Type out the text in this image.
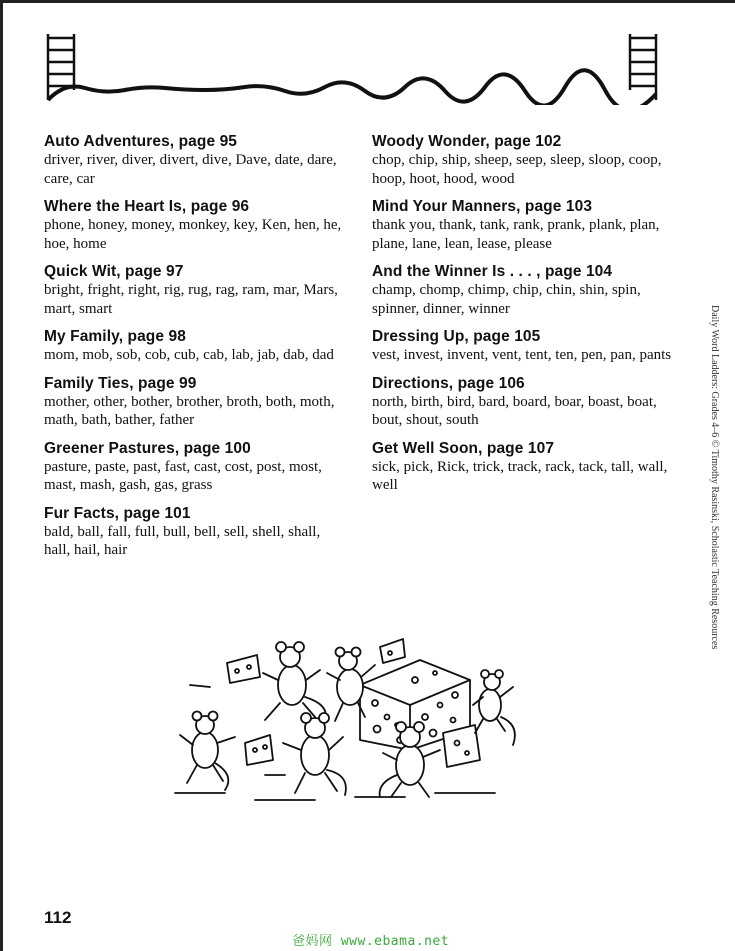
Auto Adventures, page 95
driver, river, diver, divert, dive, Dave, date, dare, care, car
Where the Heart Is, page 96
phone, honey, money, monkey, key, Ken, hen, he, hoe, home
Quick Wit, page 97
bright, fright, right, rig, rug, rag, ram, mar, Mars, mart, smart
My Family, page 98
mom, mob, sob, cob, cub, cab, lab, jab, dab, dad
Family Ties, page 99
mother, other, bother, brother, broth, both, moth, math, bath, bather, father
Greener Pastures, page 100
pasture, paste, past, fast, cast, cost, post, most, mast, mash, gash, gas, grass
Fur Facts, page 101
bald, ball, fall, full, bull, bell, sell, shell, shall, hall, hail, hair
Woody Wonder, page 102
chop, chip, ship, sheep, seep, sleep, sloop, coop, hoop, hoot, hood, wood
Mind Your Manners, page 103
thank you, thank, tank, rank, prank, plank, plan, plane, lane, lean, lease, please
And the Winner Is . . . , page 104
champ, chomp, chimp, chip, chin, shin, spin, spinner, dinner, winner
Dressing Up, page 105
vest, invest, invent, vent, tent, ten, pen, pan, pants
Directions, page 106
north, birth, bird, bard, board, boar, boast, boat, bout, shout, south
Get Well Soon, page 107
sick, pick, Rick, trick, track, rack, tack, tall, wall, well	Daily Word Ladders: Grades 4–6 © Timothy Rasinski, Scholastic Teaching Resources
112
爸妈网 www.ebama.net
